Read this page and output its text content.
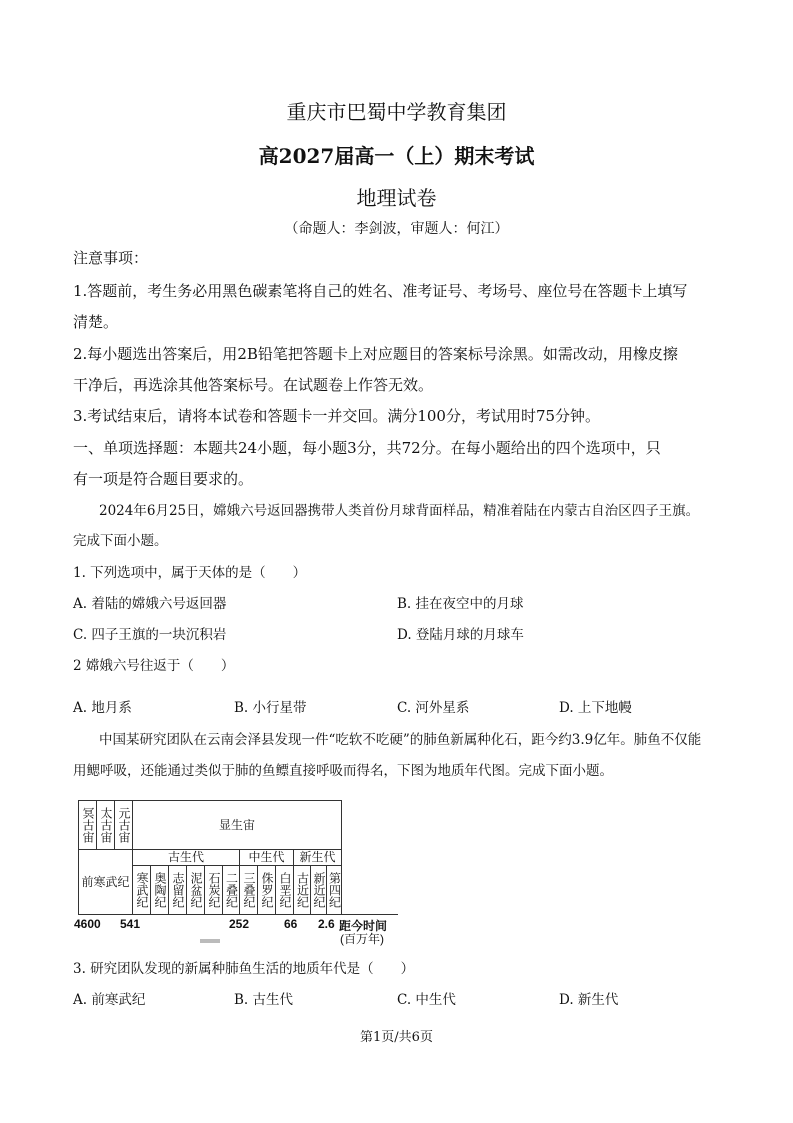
重庆市巴蜀中学教育集团
高2027届高一（上）期末考试
地理试卷
（命题人：李剑波，审题人：何江）
注意事项：
1.答题前，考生务必用黑色碳素笔将自己的姓名、准考证号、考场号、座位号在答题卡上填写
清楚。
2.每小题选出答案后，用2B铅笔把答题卡上对应题目的答案标号涂黑。如需改动，用橡皮擦
干净后，再选涂其他答案标号。在试题卷上作答无效。
3.考试结束后，请将本试卷和答题卡一并交回。满分100分，考试用时75分钟。
一、单项选择题：本题共24小题，每小题3分，共72分。在每小题给出的四个选项中，只
有一项是符合题目要求的。
2024年6月25日，嫦娥六号返回器携带人类首份月球背面样品，精准着陆在内蒙古自治区四子王旗。
完成下面小题。
1. 下列选项中，属于天体的是（　　）
A. 着陆的嫦娥六号返回器	B. 挂在夜空中的月球
C. 四子王旗的一块沉积岩	D. 登陆月球的月球车
2 嫦娥六号往返于（　　）
A. 地月系	B. 小行星带	C. 河外星系	D. 上下地幔
中国某研究团队在云南会泽县发现一件“吃软不吃硬”的肺鱼新属种化石，距今约3.9亿年。肺鱼不仅能
用鳃呼吸，还能通过类似于肺的鱼鳔直接呼吸而得名，下图为地质年代图。完成下面小题。
冥古宙 太古宙 元古宙	显生宙
前寒武纪
古生代	中生代	新生代
寒武纪 奥陶纪 志留纪 泥盆纪 石炭纪 二叠纪 三叠纪 侏罗纪 白垩纪 古近纪 新近纪 第四纪
4600 541	252	66 2.6 距今时间
(百万年)
3. 研究团队发现的新属种肺鱼生活的地质年代是（　　）
A. 前寒武纪	B. 古生代	C. 中生代	D. 新生代
第1页/共6页
